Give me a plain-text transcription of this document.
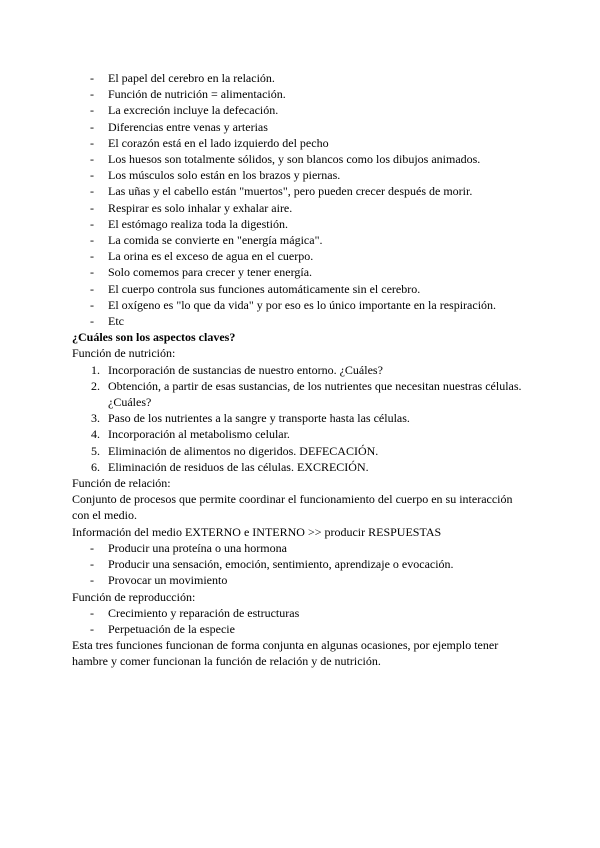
- El papel del cerebro en la relación.
- Función de nutrición = alimentación.
- La excreción incluye la defecación.
- Diferencias entre venas y arterias
- El corazón está en el lado izquierdo del pecho
- Los huesos son totalmente sólidos, y son blancos como los dibujos animados.
- Los músculos solo están en los brazos y piernas.
- Las uñas y el cabello están "muertos", pero pueden crecer después de morir.
- Respirar es solo inhalar y exhalar aire.
- El estómago realiza toda la digestión.
- La comida se convierte en "energía mágica".
- La orina es el exceso de agua en el cuerpo.
- Solo comemos para crecer y tener energía.
- El cuerpo controla sus funciones automáticamente sin el cerebro.
- El oxígeno es "lo que da vida" y por eso es lo único importante en la respiración.
- Etc
¿Cuáles son los aspectos claves?
Función de nutrición:
1. Incorporación de sustancias de nuestro entorno. ¿Cuáles?
2. Obtención, a partir de esas sustancias, de los nutrientes que necesitan nuestras células. ¿Cuáles?
3. Paso de los nutrientes a la sangre y transporte hasta las células.
4. Incorporación al metabolismo celular.
5. Eliminación de alimentos no digeridos. DEFECACIÓN.
6. Eliminación de residuos de las células. EXCRECIÓN.
Función de relación:
Conjunto de procesos que permite coordinar el funcionamiento del cuerpo en su interacción con el medio.
Información del medio EXTERNO e INTERNO >> producir RESPUESTAS
- Producir una proteína o una hormona
- Producir una sensación, emoción, sentimiento, aprendizaje o evocación.
- Provocar un movimiento
Función de reproducción:
- Crecimiento y reparación de estructuras
- Perpetuación de la especie
Esta tres funciones funcionan de forma conjunta en algunas ocasiones, por ejemplo tener hambre y comer funcionan la función de relación y de nutrición.
